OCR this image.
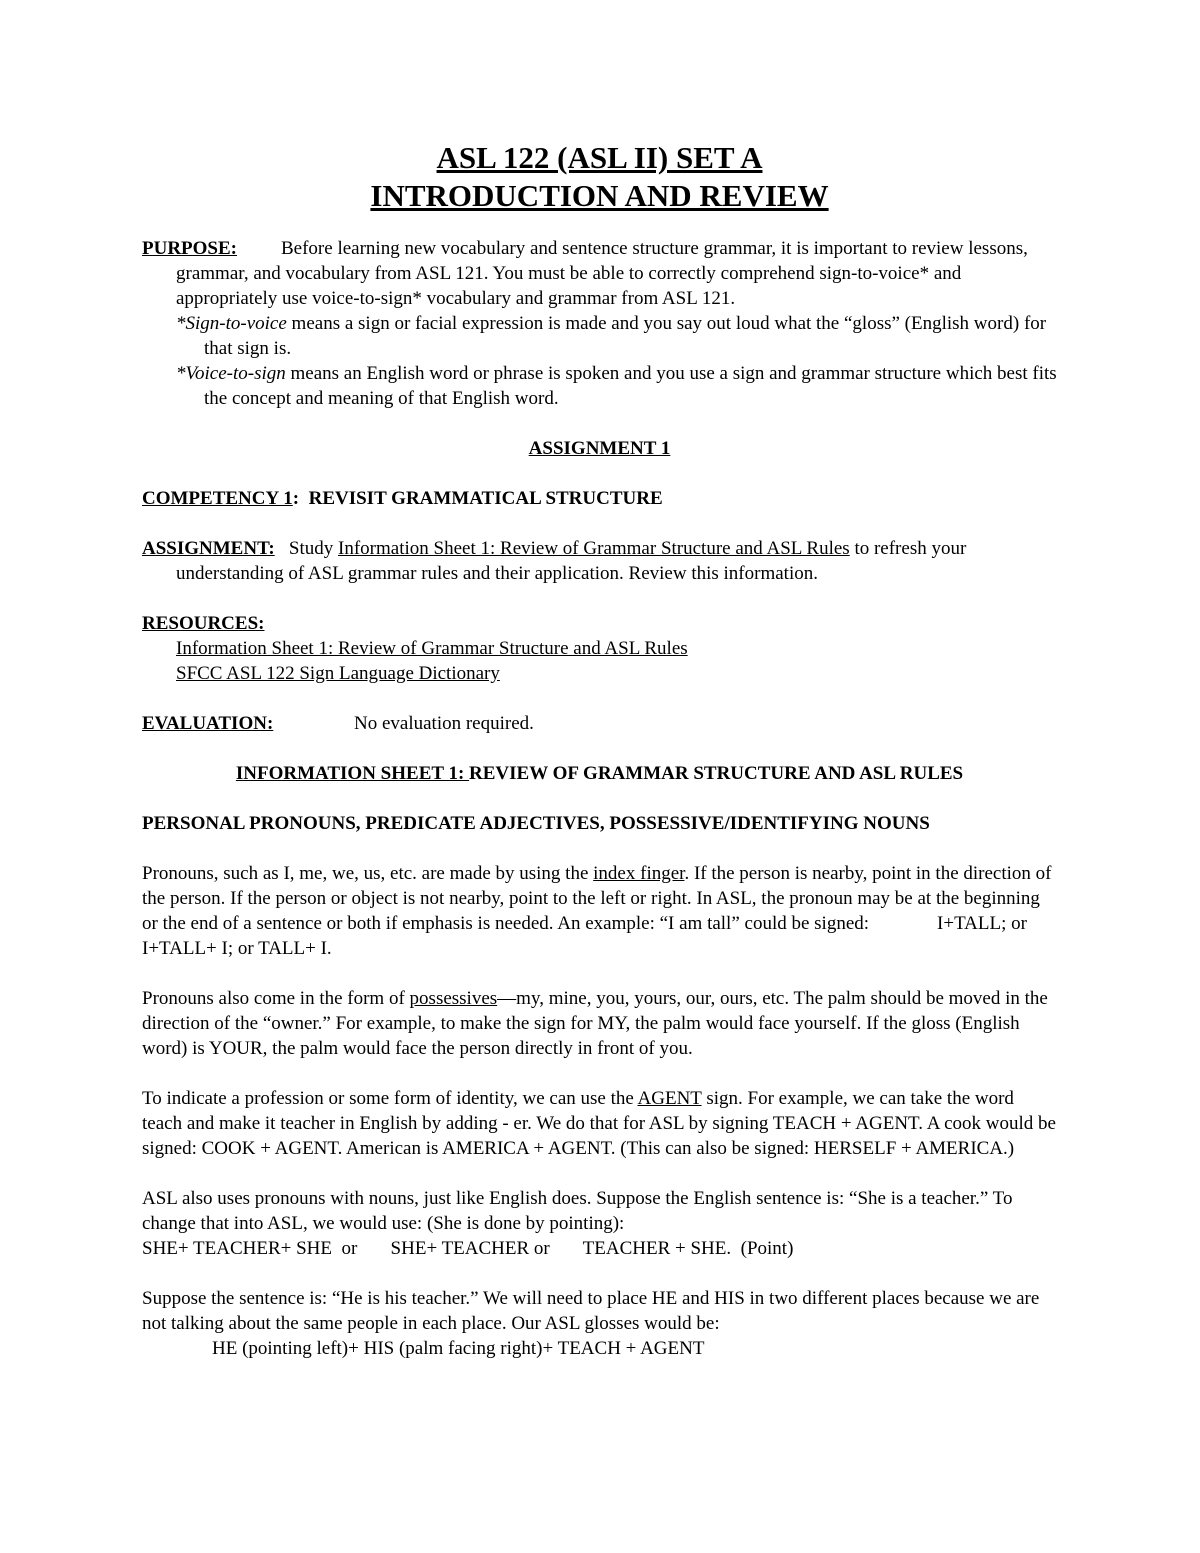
ASL 122 (ASL II) SET A

INTRODUCTION AND REVIEW

PURPOSE: Before learning new vocabulary and sentence structure grammar, it is important to review lessons, grammar, and vocabulary from ASL 121. You must be able to correctly comprehend sign-to-voice* and appropriately use voice-to-sign* vocabulary and grammar from ASL 121.

*Sign-to-voice means a sign or facial expression is made and you say out loud what the “gloss” (English word) for that sign is.

*Voice-to-sign means an English word or phrase is spoken and you use a sign and grammar structure which best fits the concept and meaning of that English word.

ASSIGNMENT 1

COMPETENCY 1: REVISIT GRAMMATICAL STRUCTURE

ASSIGNMENT: Study Information Sheet 1: Review of Grammar Structure and ASL Rules to refresh your understanding of ASL grammar rules and their application. Review this information.

RESOURCES:

Information Sheet 1: Review of Grammar Structure and ASL Rules

SFCC ASL 122 Sign Language Dictionary

EVALUATION:	No evaluation required.

INFORMATION SHEET 1: REVIEW OF GRAMMAR STRUCTURE AND ASL RULES

PERSONAL PRONOUNS, PREDICATE ADJECTIVES, POSSESSIVE/IDENTIFYING NOUNS

Pronouns, such as I, me, we, us, etc. are made by using the index finger. If the person is nearby, point in the direction of the person. If the person or object is not nearby, point to the left or right. In ASL, the pronoun may be at the beginning or the end of a sentence or both if emphasis is needed. An example: “I am tall” could be signed:	I+TALL; or I+TALL+ I; or TALL+ I.

Pronouns also come in the form of possessives—my, mine, you, yours, our, ours, etc. The palm should be moved in the direction of the “owner.” For example, to make the sign for MY, the palm would face yourself. If the gloss (English word) is YOUR, the palm would face the person directly in front of you.

To indicate a profession or some form of identity, we can use the AGENT sign. For example, we can take the word teach and make it teacher in English by adding - er. We do that for ASL by signing TEACH + AGENT. A cook would be signed: COOK + AGENT. American is AMERICA + AGENT. (This can also be signed: HERSELF + AMERICA.)

ASL also uses pronouns with nouns, just like English does. Suppose the English sentence is: “She is a teacher.” To change that into ASL, we would use: (She is done by pointing):

SHE+ TEACHER+ SHE  or       SHE+ TEACHER or       TEACHER + SHE.  (Point)

Suppose the sentence is: “He is his teacher.” We will need to place HE and HIS in two different places because we are not talking about the same people in each place. Our ASL glosses would be:

HE (pointing left)+ HIS (palm facing right)+ TEACH + AGENT
